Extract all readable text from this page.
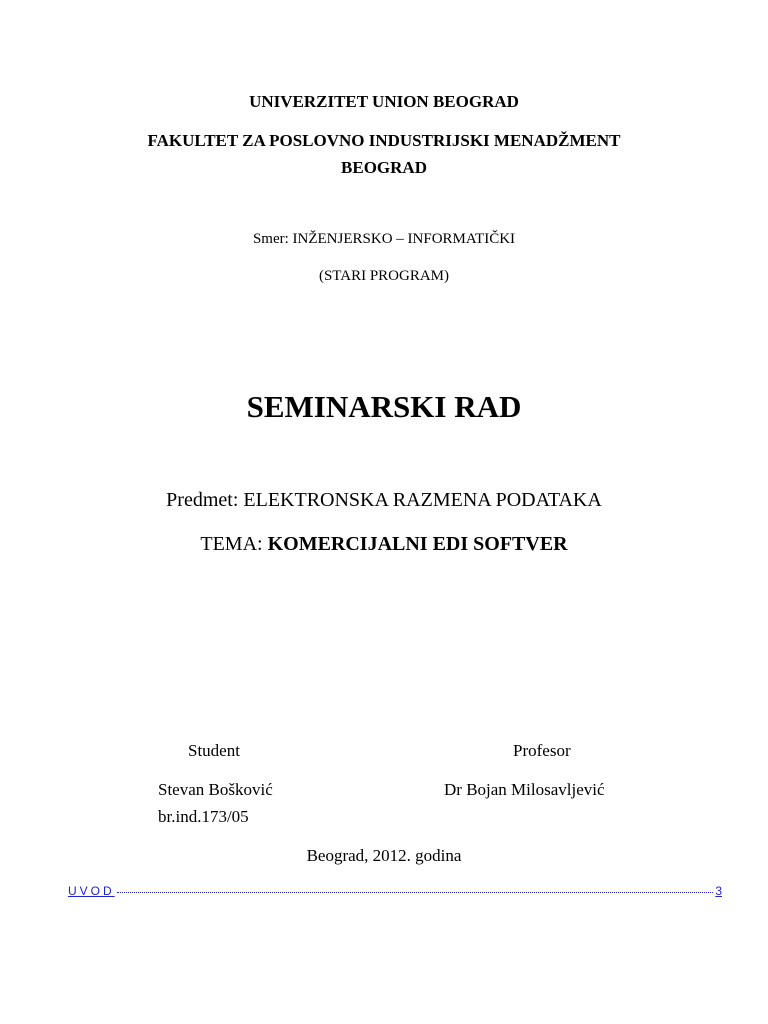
UNIVERZITET UNION BEOGRAD
FAKULTET ZA POSLOVNO INDUSTRIJSKI MENADŽMENT
BEOGRAD
Smer: INŽENJERSKO – INFORMATIČKI
(STARI PROGRAM)
SEMINARSKI RAD
Predmet: ELEKTRONSKA RAZMENA PODATAKA
TEMA: KOMERCIJALNI EDI SOFTVER
Student	Profesor
Stevan Bošković	Dr Bojan Milosavljević
br.ind.173/05
Beograd, 2012. godina
UVOD	3
